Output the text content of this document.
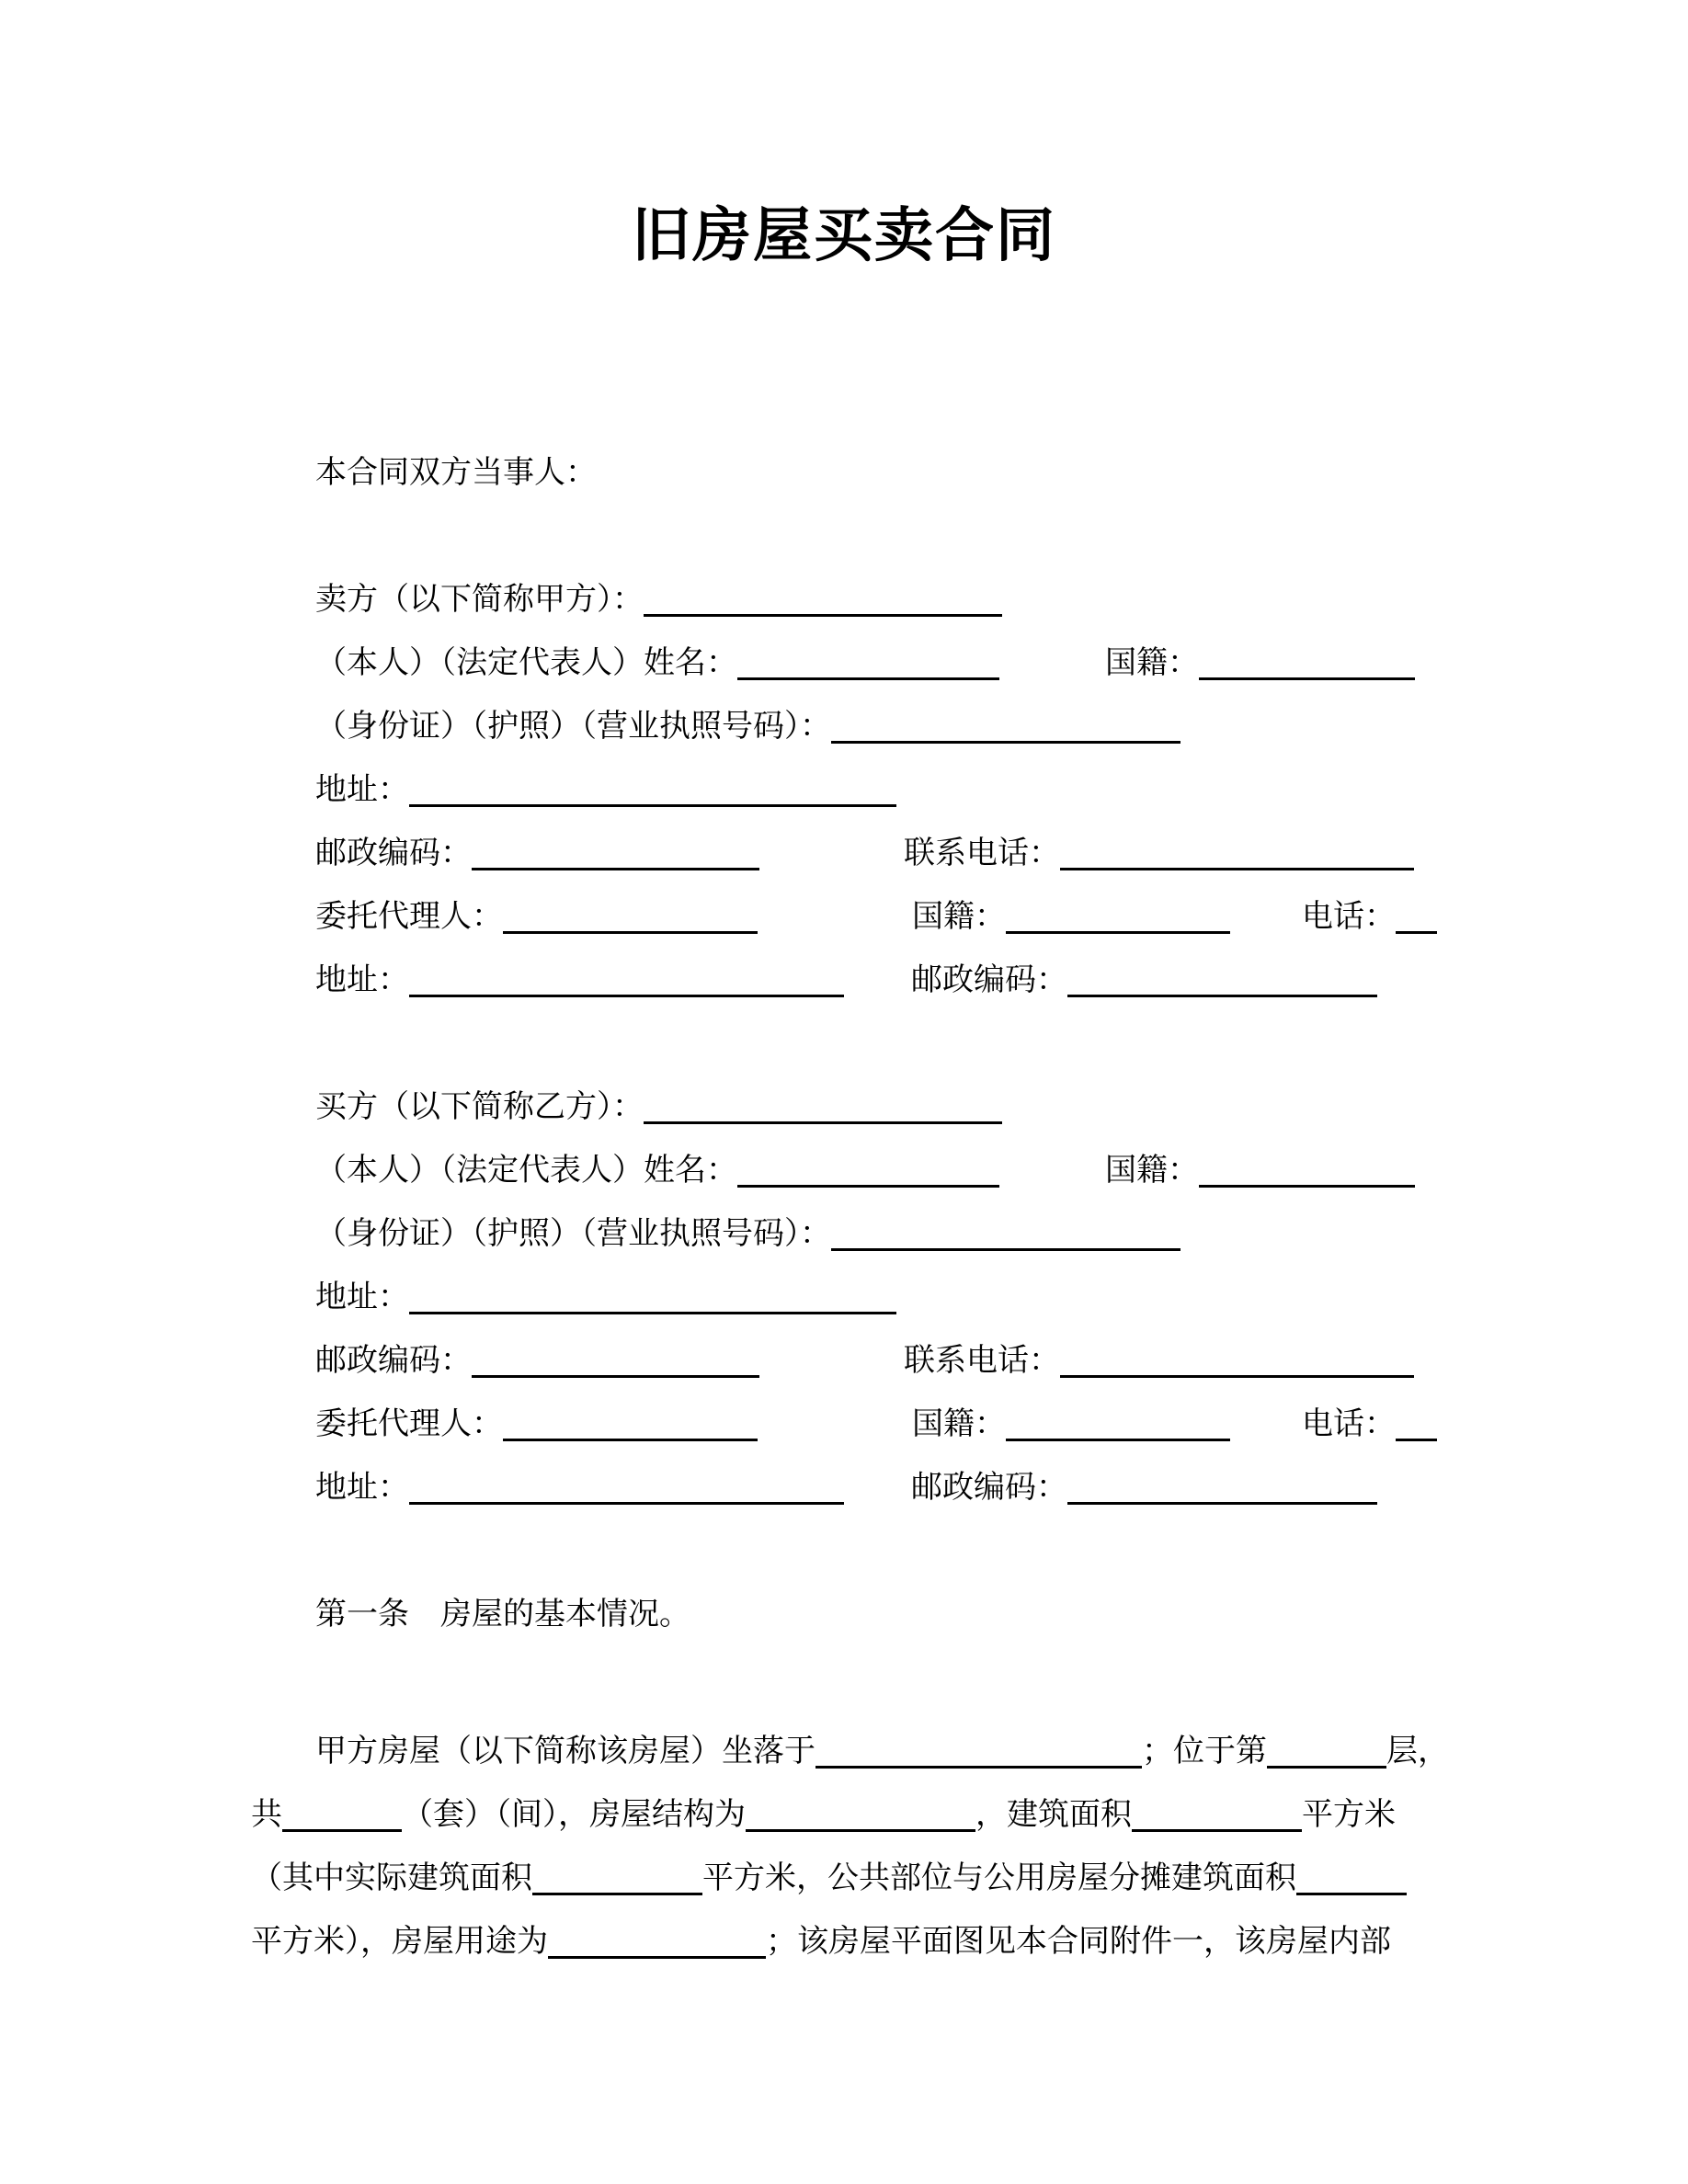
旧房屋买卖合同
本合同双方当事人：
卖方（以下简称甲方）：
（本人）（法定代表人）姓名：	国籍：
（身份证）（护照）（营业执照号码）：
地址：
邮政编码：	联系电话：
委托代理人：	国籍：	电话：
地址：	邮政编码：
买方（以下简称乙方）：
（本人）（法定代表人）姓名：	国籍：
（身份证）（护照）（营业执照号码）：
地址：
邮政编码：	联系电话：
委托代理人：	国籍：	电话：
地址：	邮政编码：
第一条　房屋的基本情况。
甲方房屋（以下简称该房屋）坐落于	；位于第	层，
共	（套）（间），房屋结构为	，建筑面积	平方米
（其中实际建筑面积	平方米，公共部位与公用房屋分摊建筑面积
平方米），房屋用途为	；该房屋平面图见本合同附件一，该房屋内部
